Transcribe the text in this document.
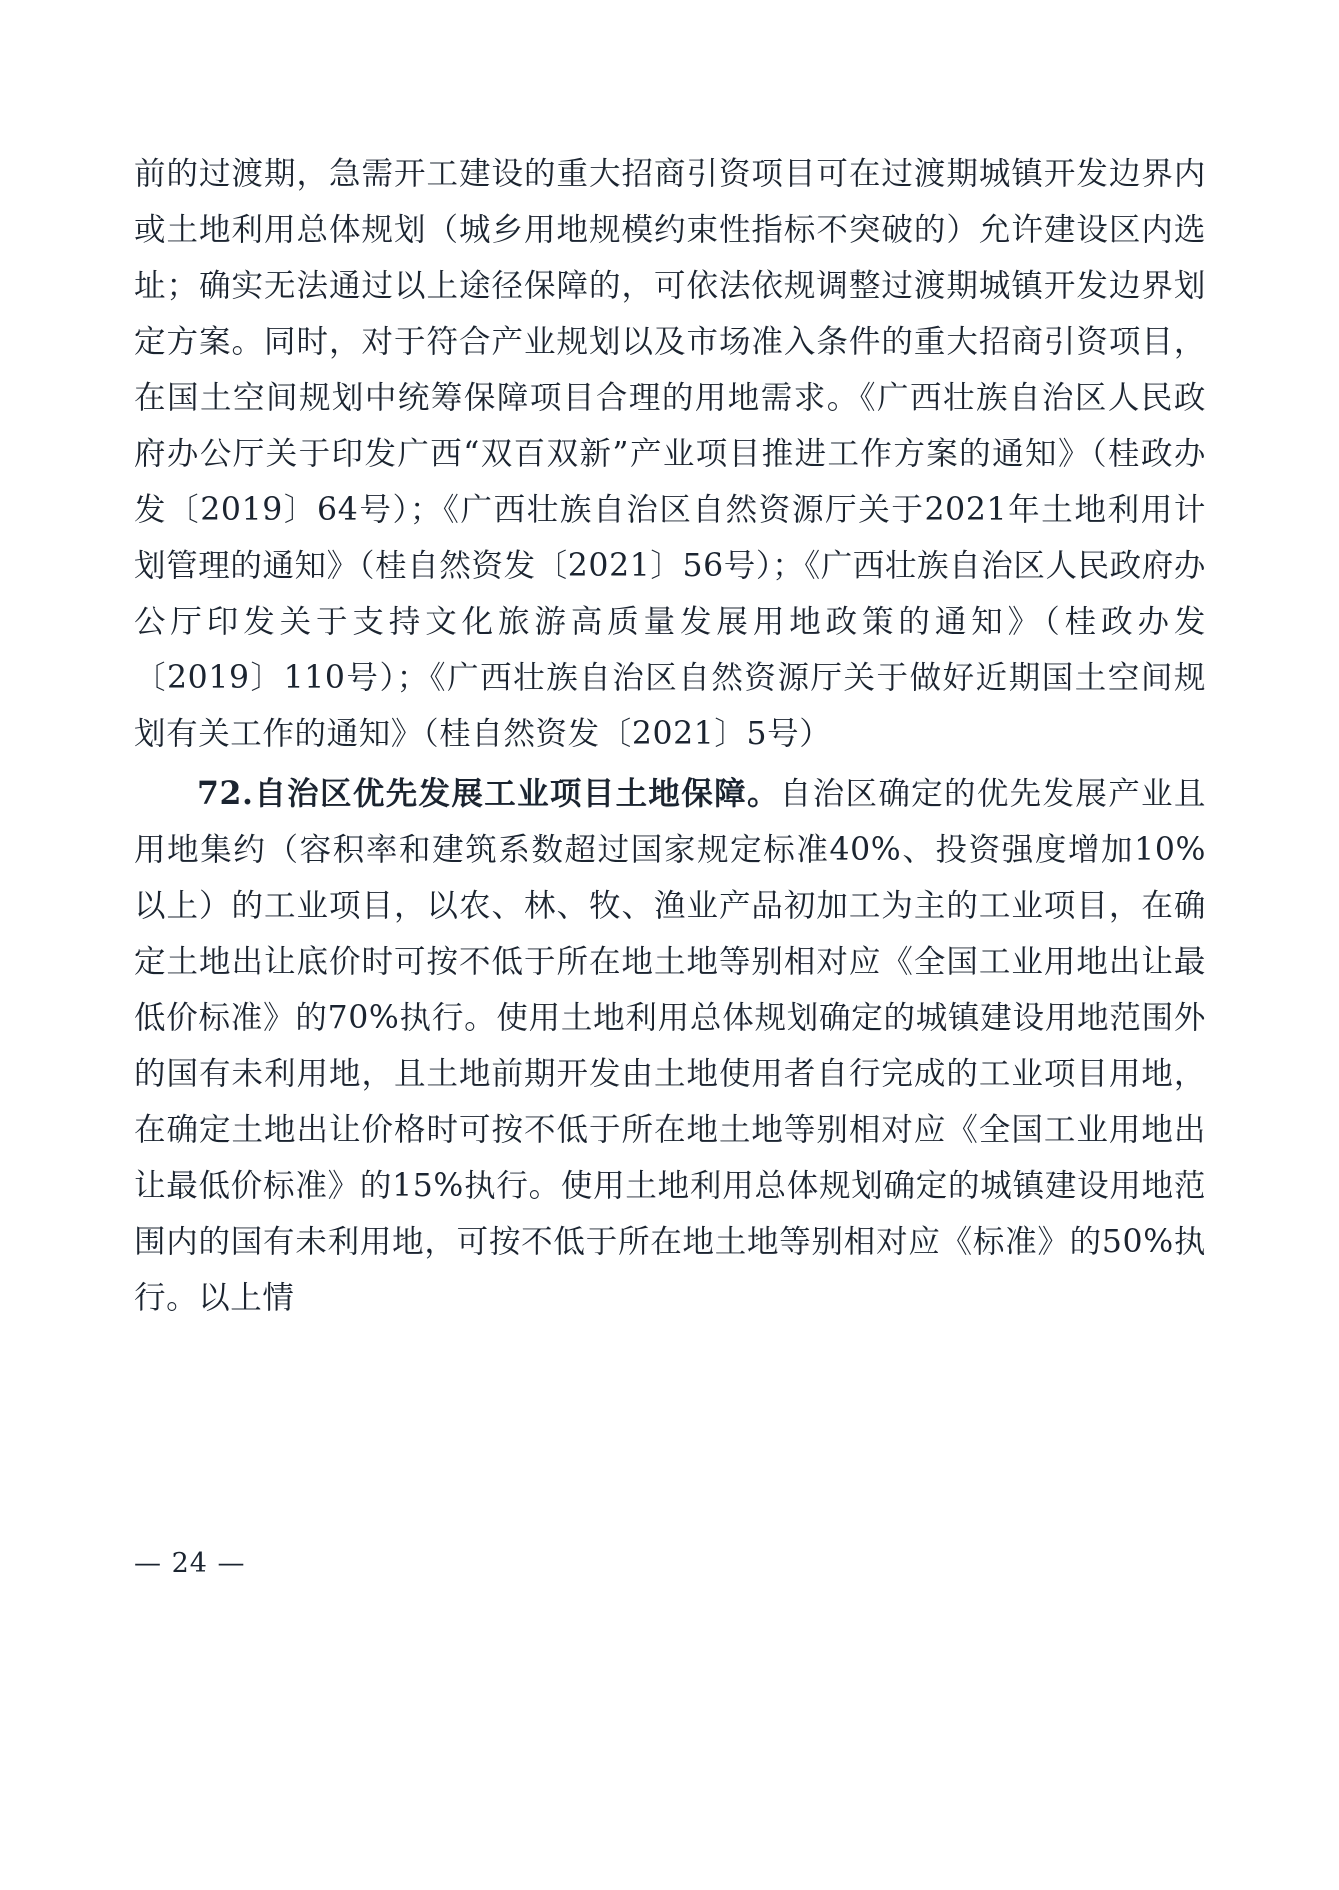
前的过渡期，急需开工建设的重大招商引资项目可在过渡期城镇开发边界内或土地利用总体规划（城乡用地规模约束性指标不突破的）允许建设区内选址；确实无法通过以上途径保障的，可依法依规调整过渡期城镇开发边界划定方案。同时，对于符合产业规划以及市场准入条件的重大招商引资项目，在国土空间规划中统筹保障项目合理的用地需求。《广西壮族自治区人民政府办公厅关于印发广西“双百双新”产业项目推进工作方案的通知》（桂政办发〔2019〕64号）；《广西壮族自治区自然资源厅关于2021年土地利用计划管理的通知》（桂自然资发〔2021〕56号）；《广西壮族自治区人民政府办公厅印发关于支持文化旅游高质量发展用地政策的通知》（桂政办发〔2019〕110号）；《广西壮族自治区自然资源厅关于做好近期国土空间规划有关工作的通知》（桂自然资发〔2021〕5号）

72.自治区优先发展工业项目土地保障。自治区确定的优先发展产业且用地集约（容积率和建筑系数超过国家规定标准40%、投资强度增加10%以上）的工业项目，以农、林、牧、渔业产品初加工为主的工业项目，在确定土地出让底价时可按不低于所在地土地等别相对应《全国工业用地出让最低价标准》的70%执行。使用土地利用总体规划确定的城镇建设用地范围外的国有未利用地，且土地前期开发由土地使用者自行完成的工业项目用地，在确定土地出让价格时可按不低于所在地土地等别相对应《全国工业用地出让最低价标准》的15%执行。使用土地利用总体规划确定的城镇建设用地范围内的国有未利用地，可按不低于所在地土地等别相对应《标准》的50%执行。以上情

— 24 —
